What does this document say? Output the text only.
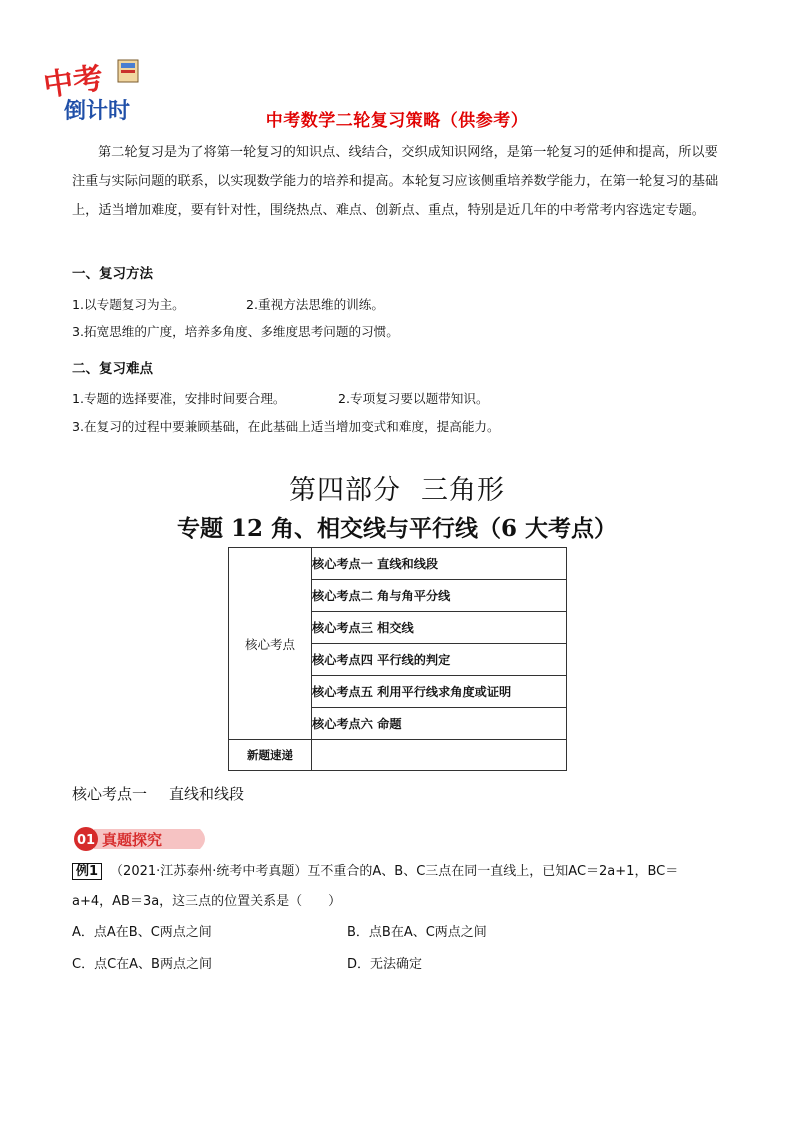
中考
倒计时	中考数学二轮复习策略（供参考）
第二轮复习是为了将第一轮复习的知识点、线结合，交织成知识网络，是第一轮复习的延伸和提高，所以要注重与实际问题的联系，以实现数学能力的培养和提高。本轮复习应该侧重培养数学能力，在第一轮复习的基础上，适当增加难度，要有针对性，围绕热点、难点、创新点、重点，特别是近几年的中考常考内容选定专题。
一、复习方法
1.以专题复习为主。	2.重视方法思维的训练。
3.拓宽思维的广度，培养多角度、多维度思考问题的习惯。
二、复习难点
1.专题的选择要准，安排时间要合理。	2.专项复习要以题带知识。
3.在复习的过程中要兼顾基础，在此基础上适当增加变式和难度，提高能力。
第四部分 三角形
专题 12 角、相交线与平行线（6 大考点）
核心考点	核心考点一 直线和线段
	核心考点二 角与角平分线
	核心考点三 相交线
	核心考点四 平行线的判定
	核心考点五 利用平行线求角度或证明
	核心考点六 命题
新题速递	
核心考点一 直线和线段
01 真题探究
例1 （2021·江苏泰州·统考中考真题）互不重合的A、B、C三点在同一直线上，已知AC＝2a+1，BC＝
a+4，AB＝3a，这三点的位置关系是（　　）
A．点A在B、C两点之间	B．点B在A、C两点之间
C．点C在A、B两点之间	D．无法确定
